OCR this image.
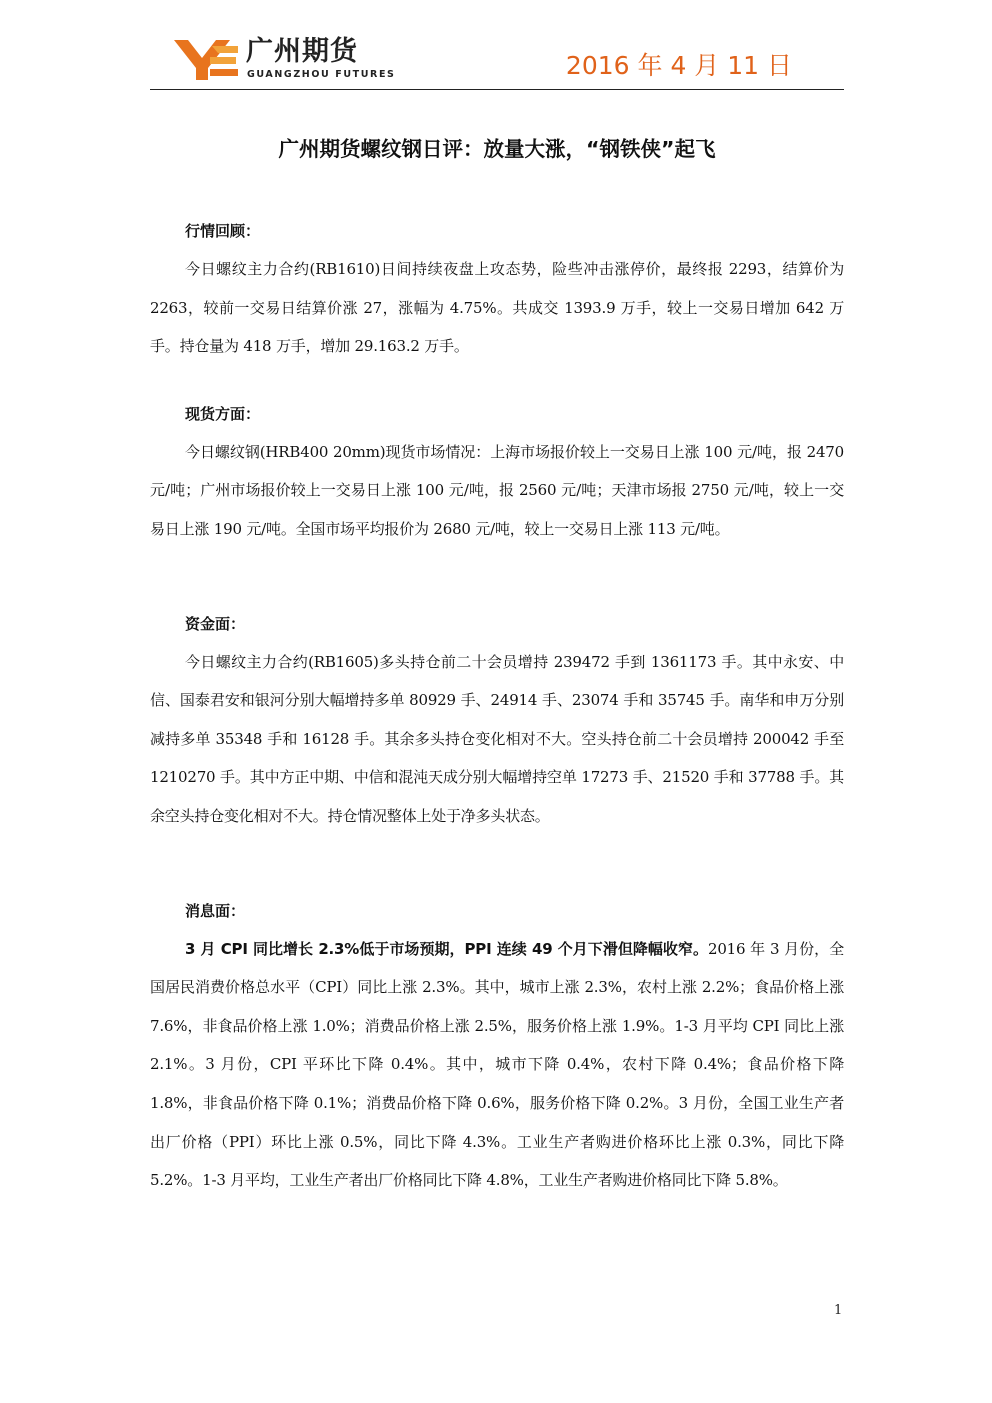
广州期货
GUANGZHOU FUTURES	2016 年 4 月 11 日
广州期货螺纹钢日评：放量大涨，“钢铁侠”起飞

行情回顾：

今日螺纹主力合约(RB1610)日间持续夜盘上攻态势，险些冲击涨停价，最终报 2293，结算价为 2263，较前一交易日结算价涨 27，涨幅为 4.75%。共成交 1393.9 万手，较上一交易日增加 642 万手。持仓量为 418 万手，增加 29.163.2 万手。

现货方面：

今日螺纹钢(HRB400 20mm)现货市场情况：上海市场报价较上一交易日上涨 100 元/吨，报 2470 元/吨；广州市场报价较上一交易日上涨 100 元/吨，报 2560 元/吨；天津市场报 2750 元/吨，较上一交易日上涨 190 元/吨。全国市场平均报价为 2680 元/吨，较上一交易日上涨 113 元/吨。

资金面：

今日螺纹主力合约(RB1605)多头持仓前二十会员增持 239472 手到 1361173 手。其中永安、中信、国泰君安和银河分别大幅增持多单 80929 手、24914 手、23074 手和 35745 手。南华和申万分别减持多单 35348 手和 16128 手。其余多头持仓变化相对不大。空头持仓前二十会员增持 200042 手至 1210270 手。其中方正中期、中信和混沌天成分别大幅增持空单 17273 手、21520 手和 37788 手。其余空头持仓变化相对不大。持仓情况整体上处于净多头状态。

消息面：

3 月 CPI 同比增长 2.3%低于市场预期，PPI 连续 49 个月下滑但降幅收窄。2016 年 3 月份，全国居民消费价格总水平（CPI）同比上涨 2.3%。其中，城市上涨 2.3%，农村上涨 2.2%；食品价格上涨 7.6%，非食品价格上涨 1.0%；消费品价格上涨 2.5%，服务价格上涨 1.9%。1-3 月平均 CPI 同比上涨 2.1%。3 月份，CPI 平环比下降 0.4%。其中，城市下降 0.4%，农村下降 0.4%；食品价格下降 1.8%，非食品价格下降 0.1%；消费品价格下降 0.6%，服务价格下降 0.2%。3 月份，全国工业生产者出厂价格（PPI）环比上涨 0.5%，同比下降 4.3%。工业生产者购进价格环比上涨 0.3%，同比下降 5.2%。1-3 月平均，工业生产者出厂价格同比下降 4.8%，工业生产者购进价格同比下降 5.8%。

1
